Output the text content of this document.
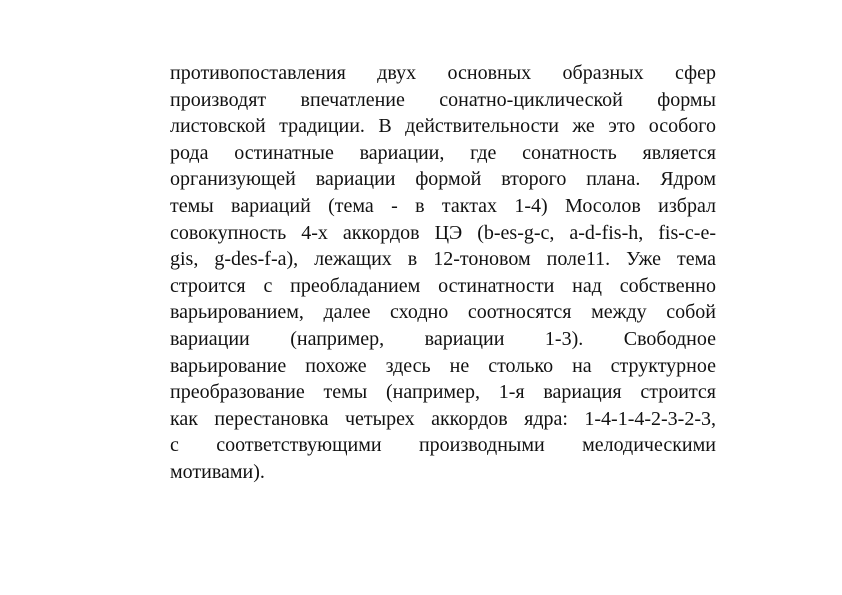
противопоставления двух основных образных сфер
производят впечатление сонатно-циклической формы
листовской традиции. В действительности же это особого
рода остинатные вариации, где сонатность является
организующей вариации формой второго плана. Ядром
темы вариаций (тема - в тактах 1-4) Мосолов избрал
совокупность 4-х аккордов ЦЭ (b-es-g-c, a-d-fis-h, fis-c-e-
gis, g-des-f-a), лежащих в 12-тоновом поле11. Уже тема
строится с преобладанием остинатности над собственно
варьированием, далее сходно соотносятся между собой
вариации (например, вариации 1-3). Свободное
варьирование похоже здесь не столько на структурное
преобразование темы (например, 1-я вариация строится
как перестановка четырех аккордов ядра: 1-4-1-4-2-3-2-3,
с соответствующими производными мелодическими
мотивами).
